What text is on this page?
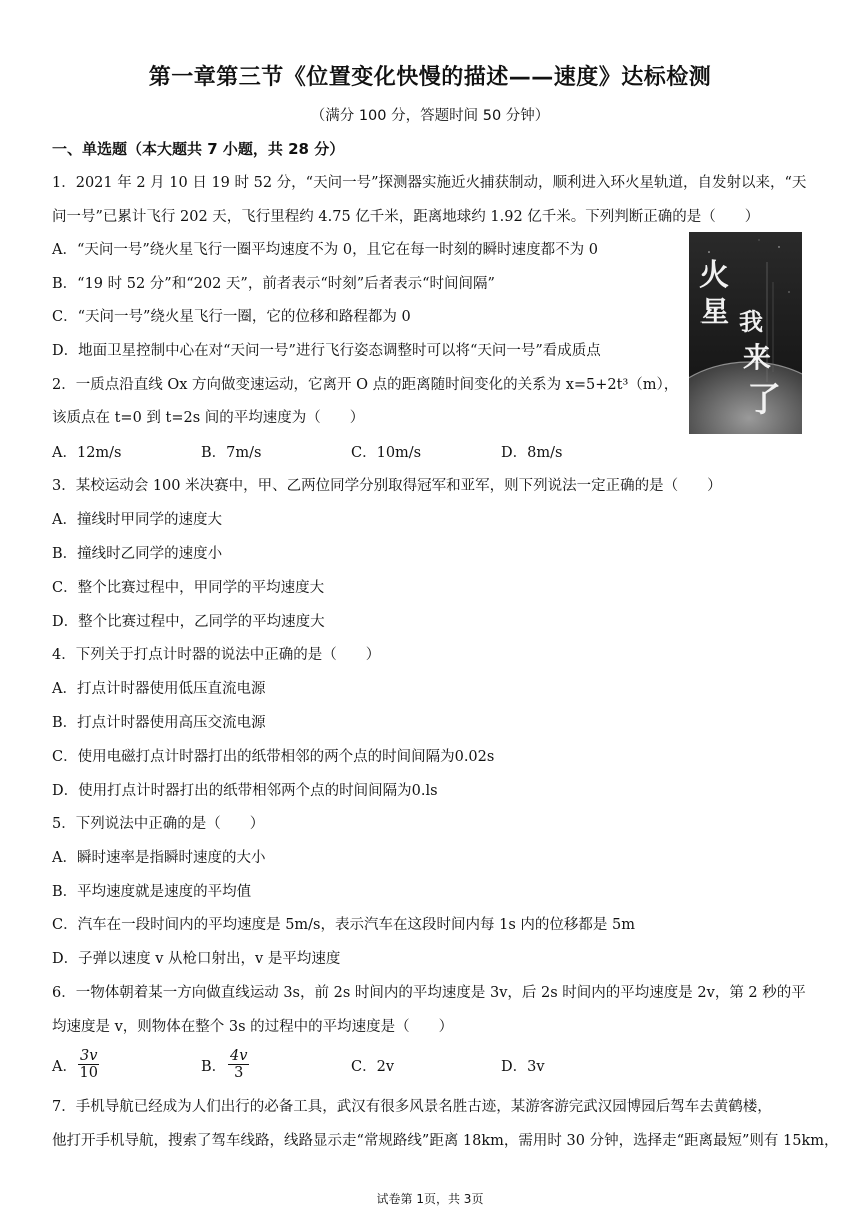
第一章第三节《位置变化快慢的描述——速度》达标检测
（满分 100 分，答题时间 50 分钟）
一、单选题（本大题共 7 小题，共 28 分）
1．2021 年 2 月 10 日 19 时 52 分，“天问一号”探测器实施近火捕获制动，顺利进入环火星轨道，自发射以来，“天
问一号”已累计飞行 202 天，飞行里程约 4.75 亿千米，距离地球约 1.92 亿千米。下列判断正确的是（　　）
A．“天问一号”绕火星飞行一圈平均速度不为 0，且它在每一时刻的瞬时速度都不为 0
B．“19 时 52 分”和“202 天”，前者表示“时刻”后者表示“时间间隔”
C．“天问一号”绕火星飞行一圈，它的位移和路程都为 0
D．地面卫星控制中心在对“天问一号”进行飞行姿态调整时可以将“天问一号”看成质点
火
星 我
来
了
2．一质点沿直线 Ox 方向做变速运动，它离开 O 点的距离随时间变化的关系为 x=5+2t³（m），
该质点在 t=0 到 t=2s 间的平均速度为（　　）
A．12m/s	B．7m/s	C．10m/s	D．8m/s
3．某校运动会 100 米决赛中，甲、乙两位同学分别取得冠军和亚军，则下列说法一定正确的是（　　）
A．撞线时甲同学的速度大
B．撞线时乙同学的速度小
C．整个比赛过程中，甲同学的平均速度大
D．整个比赛过程中，乙同学的平均速度大
4．下列关于打点计时器的说法中正确的是（　　）
A．打点计时器使用低压直流电源
B．打点计时器使用高压交流电源
C．使用电磁打点计时器打出的纸带相邻的两个点的时间间隔为0.02s
D．使用打点计时器打出的纸带相邻两个点的时间间隔为0.ls
5．下列说法中正确的是（　　）
A．瞬时速率是指瞬时速度的大小
B．平均速度就是速度的平均值
C．汽车在一段时间内的平均速度是 5m/s，表示汽车在这段时间内每 1s 内的位移都是 5m
D．子弹以速度 v 从枪口射出，v 是平均速度
6．一物体朝着某一方向做直线运动 3s，前 2s 时间内的平均速度是 3v，后 2s 时间内的平均速度是 2v，第 2 秒的平
均速度是 v，则物体在整个 3s 的过程中的平均速度是（　　）
A． $\frac{3v}{10}$	B． $\frac{4v}{3}$	C．2v	D．3v
7．手机导航已经成为人们出行的必备工具，武汉有很多风景名胜古迹，某游客游完武汉园博园后驾车去黄鹤楼，
他打开手机导航，搜索了驾车线路，线路显示走“常规路线”距离 18km，需用时 30 分钟，选择走“距离最短”则有 15km，
试卷第 1页，共 3页
